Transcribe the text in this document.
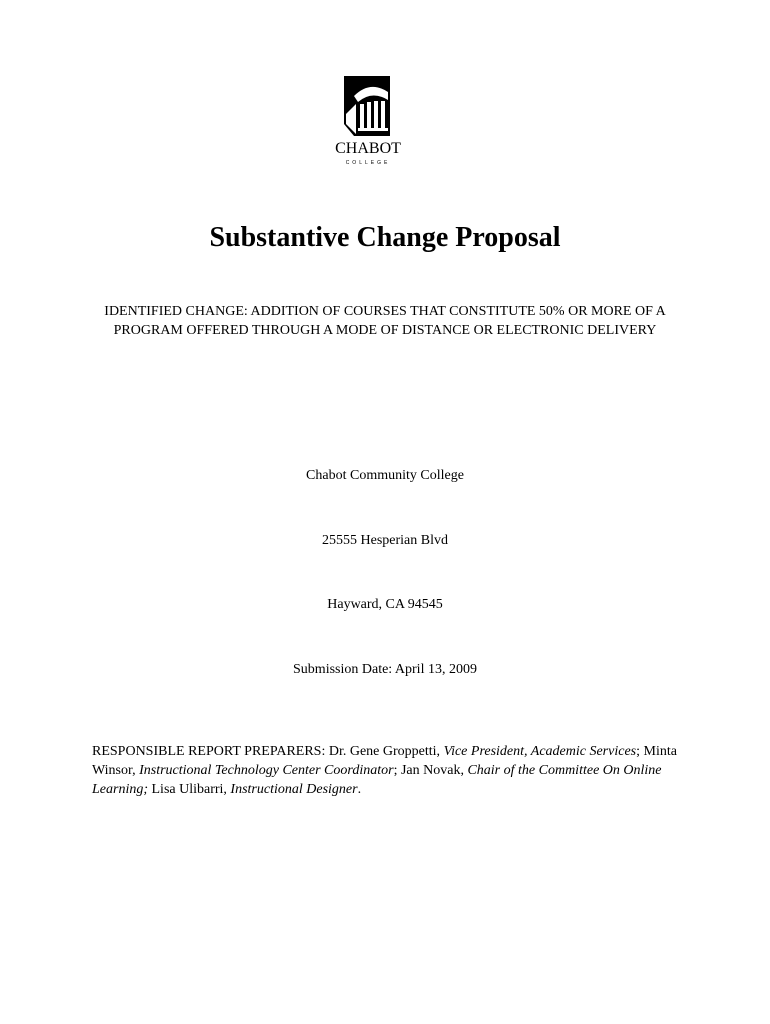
CHABOT
COLLEGE
Substantive Change Proposal
IDENTIFIED CHANGE: ADDITION OF COURSES THAT CONSTITUTE 50% OR MORE OF A PROGRAM OFFERED THROUGH A MODE OF DISTANCE OR ELECTRONIC DELIVERY
Chabot Community College
25555 Hesperian Blvd
Hayward, CA 94545
Submission Date: April 13, 2009
RESPONSIBLE REPORT PREPARERS: Dr. Gene Groppetti, Vice President, Academic Services; Minta Winsor, Instructional Technology Center Coordinator; Jan Novak, Chair of the Committee On Online Learning; Lisa Ulibarri, Instructional Designer.
